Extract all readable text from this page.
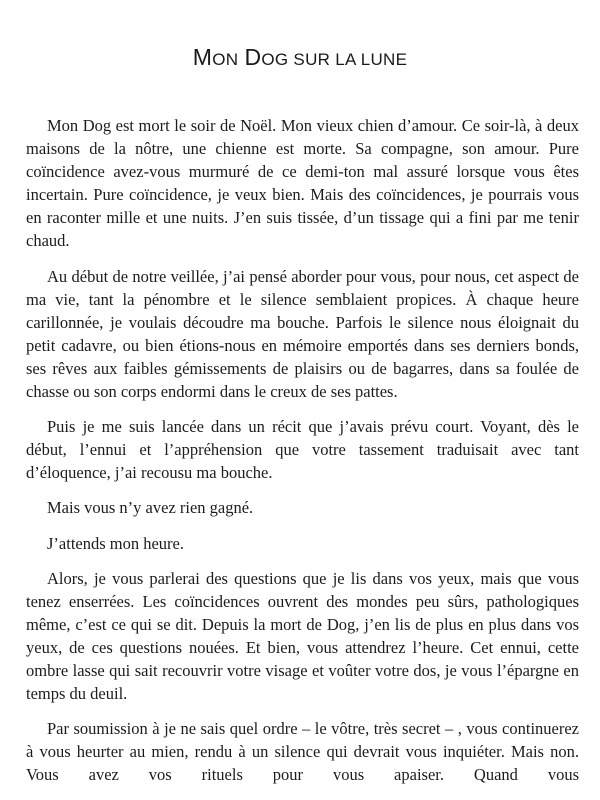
MON DOG SUR LA LUNE

Mon Dog est mort le soir de Noël. Mon vieux chien d’amour. Ce soir-là, à deux maisons de la nôtre, une chienne est morte. Sa compagne, son amour. Pure coïncidence avez-vous murmuré de ce demi-ton mal assuré lorsque vous êtes incertain. Pure coïncidence, je veux bien. Mais des coïncidences, je pourrais vous en raconter mille et une nuits. J’en suis tissée, d’un tissage qui a fini par me tenir chaud.

Au début de notre veillée, j’ai pensé aborder pour vous, pour nous, cet aspect de ma vie, tant la pénombre et le silence semblaient propices. À chaque heure carillonnée, je voulais découdre ma bouche. Parfois le silence nous éloignait du petit cadavre, ou bien étions-nous en mémoire emportés dans ses derniers bonds, ses rêves aux faibles gémissements de plaisirs ou de bagarres, dans sa foulée de chasse ou son corps endormi dans le creux de ses pattes.

Puis je me suis lancée dans un récit que j’avais prévu court. Voyant, dès le début, l’ennui et l’appréhension que votre tassement traduisait avec tant d’éloquence, j’ai recousu ma bouche.

Mais vous n’y avez rien gagné.

J’attends mon heure.

Alors, je vous parlerai des questions que je lis dans vos yeux, mais que vous tenez enserrées. Les coïncidences ouvrent des mondes peu sûrs, pathologiques même, c’est ce qui se dit. Depuis la mort de Dog, j’en lis de plus en plus dans vos yeux, de ces questions nouées. Et bien, vous attendrez l’heure. Cet ennui, cette ombre lasse qui sait recouvrir votre visage et voûter votre dos, je vous l’épargne en temps du deuil.

Par soumission à je ne sais quel ordre – le vôtre, très secret – , vous continuerez à vous heurter au mien, rendu à un silence qui devrait vous inquiéter. Mais non. Vous avez vos rituels pour vous apaiser. Quand vous
